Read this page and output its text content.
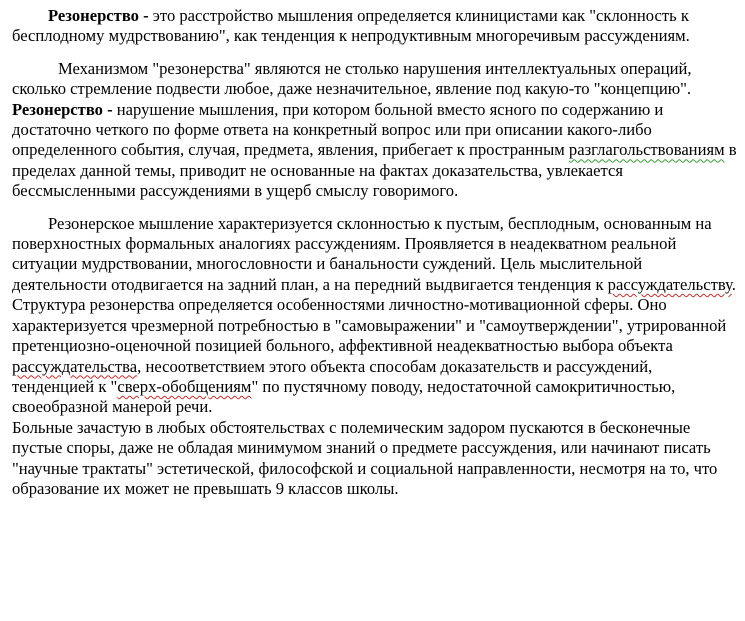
Резонерство - это расстройство мышления определяется клиницистами как "склонность к бесплодному мудрствованию", как тенденция к непродуктивным многоречивым рассуждениям.

Механизмом "резонерства" являются не столько нарушения интеллектуальных операций, сколько стремление подвести любое, даже незначительное, явление под какую-то "концепцию".

Резонерство - нарушение мышления, при котором больной вместо ясного по содержанию и достаточно четкого по форме ответа на конкретный вопрос или при описании какого-либо определенного события, случая, предмета, явления, прибегает к пространным разглагольствованиям в пределах данной темы, приводит не основанные на фактах доказательства, увлекается бессмысленными рассуждениями в ущерб смыслу говоримого.

Резонерское мышление характеризуется склонностью к пустым, бесплодным, основанным на поверхностных формальных аналогиях рассуждениям. Проявляется в неадекватном реальной ситуации мудрствовании, многословности и банальности суждений. Цель мыслительной деятельности отодвигается на задний план, а на передний выдвигается тенденция к рассуждательству.

Структура резонерства определяется особенностями личностно-мотивационной сферы. Оно характеризуется чрезмерной потребностью в "самовыражении" и "самоутверждении", утрированной претенциозно-оценочной позицией больного, аффективной неадекватностью выбора объекта рассуждательства, несоответствием этого объекта способам доказательств и рассуждений, тенденцией к "сверх-обобщениям" по пустячному поводу, недостаточной самокритичностью, своеобразной манерой речи.

Больные зачастую в любых обстоятельствах с полемическим задором пускаются в бесконечные пустые споры, даже не обладая минимумом знаний о предмете рассуждения, или начинают писать "научные трактаты" эстетической, философской и социальной направленности, несмотря на то, что образование их может не превышать 9 классов школы.
